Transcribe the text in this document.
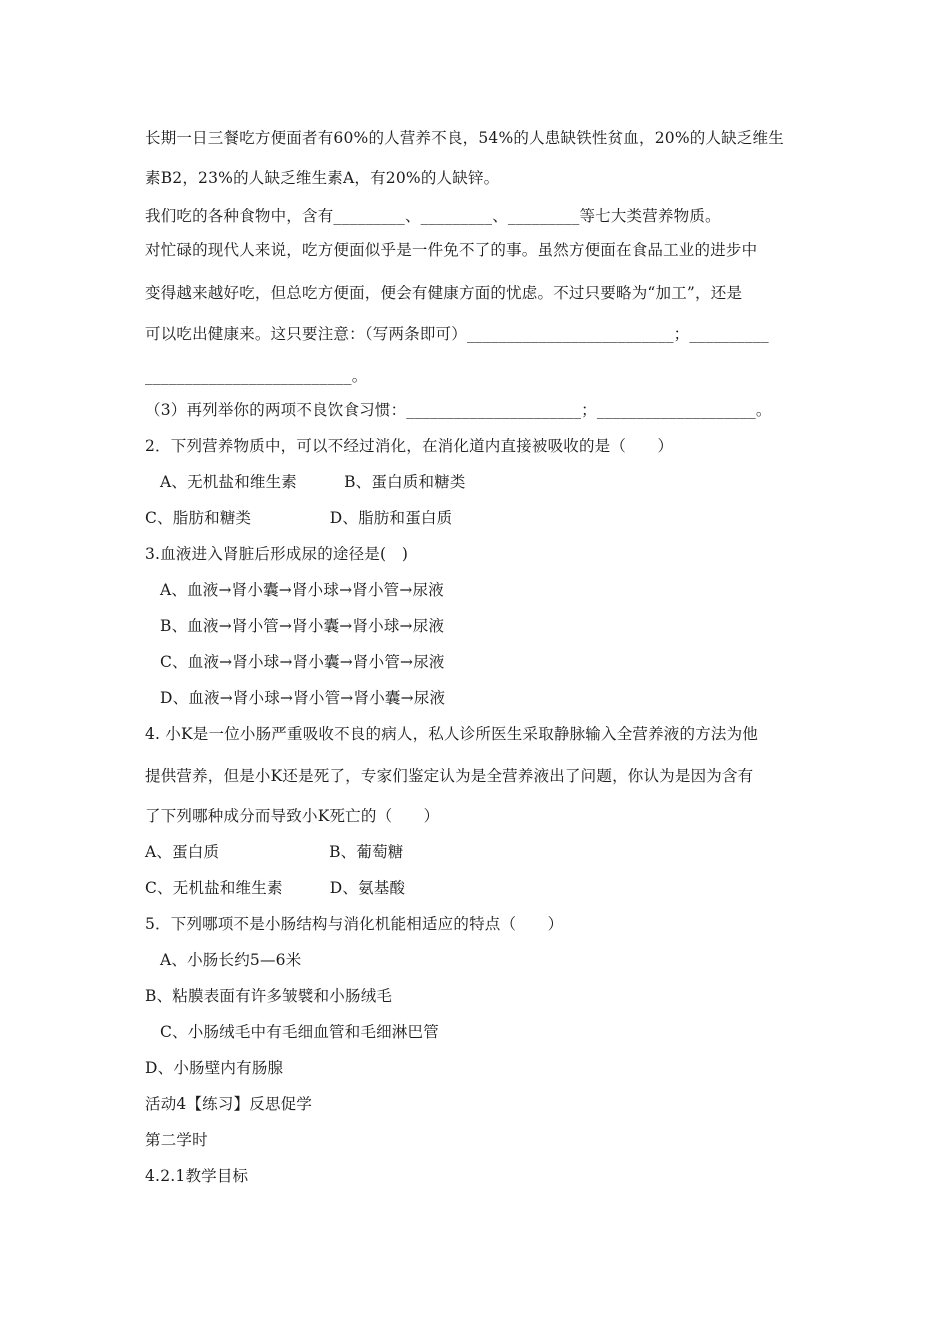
长期一日三餐吃方便面者有60%的人营养不良，54%的人患缺铁性贫血，20%的人缺乏维生
素B2，23%的人缺乏维生素A，有20%的人缺锌。
我们吃的各种食物中，含有_________、_________、_________等七大类营养物质。
对忙碌的现代人来说，吃方便面似乎是一件免不了的事。虽然方便面在食品工业的进步中
变得越来越好吃，但总吃方便面，便会有健康方面的忧虑。不过只要略为“加工”，还是
可以吃出健康来。这只要注意：（写两条即可）__________________________；__________
__________________________。
（3）再列举你的两项不良饮食习惯：______________________；____________________。
2．下列营养物质中，可以不经过消化，在消化道内直接被吸收的是（　　）
A、无机盐和维生素　　　B、蛋白质和糖类
C、脂肪和糖类　　　　　D、脂肪和蛋白质
3.血液进入肾脏后形成尿的途径是(　)
A、血液→肾小囊→肾小球→肾小管→尿液
B、血液→肾小管→肾小囊→肾小球→尿液
C、血液→肾小球→肾小囊→肾小管→尿液
D、血液→肾小球→肾小管→肾小囊→尿液
4. 小K是一位小肠严重吸收不良的病人，私人诊所医生采取静脉输入全营养液的方法为他
提供营养，但是小K还是死了，专家们鉴定认为是全营养液出了问题，你认为是因为含有
了下列哪种成分而导致小K死亡的（　　）
A、蛋白质　　　　　　　B、葡萄糖
C、无机盐和维生素　　　D、氨基酸
5．下列哪项不是小肠结构与消化机能相适应的特点（　　）
A、小肠长约5—6米
B、粘膜表面有许多皱襞和小肠绒毛
C、小肠绒毛中有毛细血管和毛细淋巴管
D、小肠壁内有肠腺
活动4【练习】反思促学
第二学时
4.2.1教学目标
